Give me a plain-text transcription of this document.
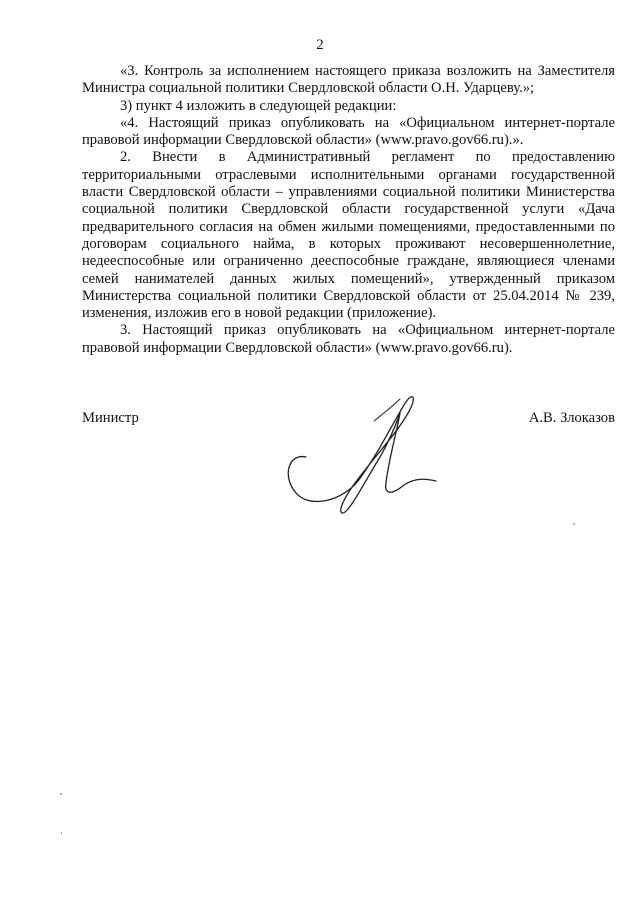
2

«3. Контроль за исполнением настоящего приказа возложить на Заместителя Министра социальной политики Свердловской области О.Н. Ударцеву.»;

3) пункт 4 изложить в следующей редакции:

«4. Настоящий приказ опубликовать на «Официальном интернет-портале правовой информации Свердловской области» (www.pravo.gov66.ru).».

2. Внести в Административный регламент по предоставлению территориальными отраслевыми исполнительными органами государственной власти Свердловской области – управлениями социальной политики Министерства социальной политики Свердловской области государственной услуги «Дача предварительного согласия на обмен жилыми помещениями, предоставленными по договорам социального найма, в которых проживают несовершеннолетние, недееспособные или ограниченно дееспособные граждане, являющиеся членами семей нанимателей данных жилых помещений», утвержденный приказом Министерства социальной политики Свердловской области от 25.04.2014 № 239, изменения, изложив его в новой редакции (приложение).

3. Настоящий приказ опубликовать на «Официальном интернет-портале правовой информации Свердловской области» (www.pravo.gov66.ru).

Министр	А.В. Злоказов
